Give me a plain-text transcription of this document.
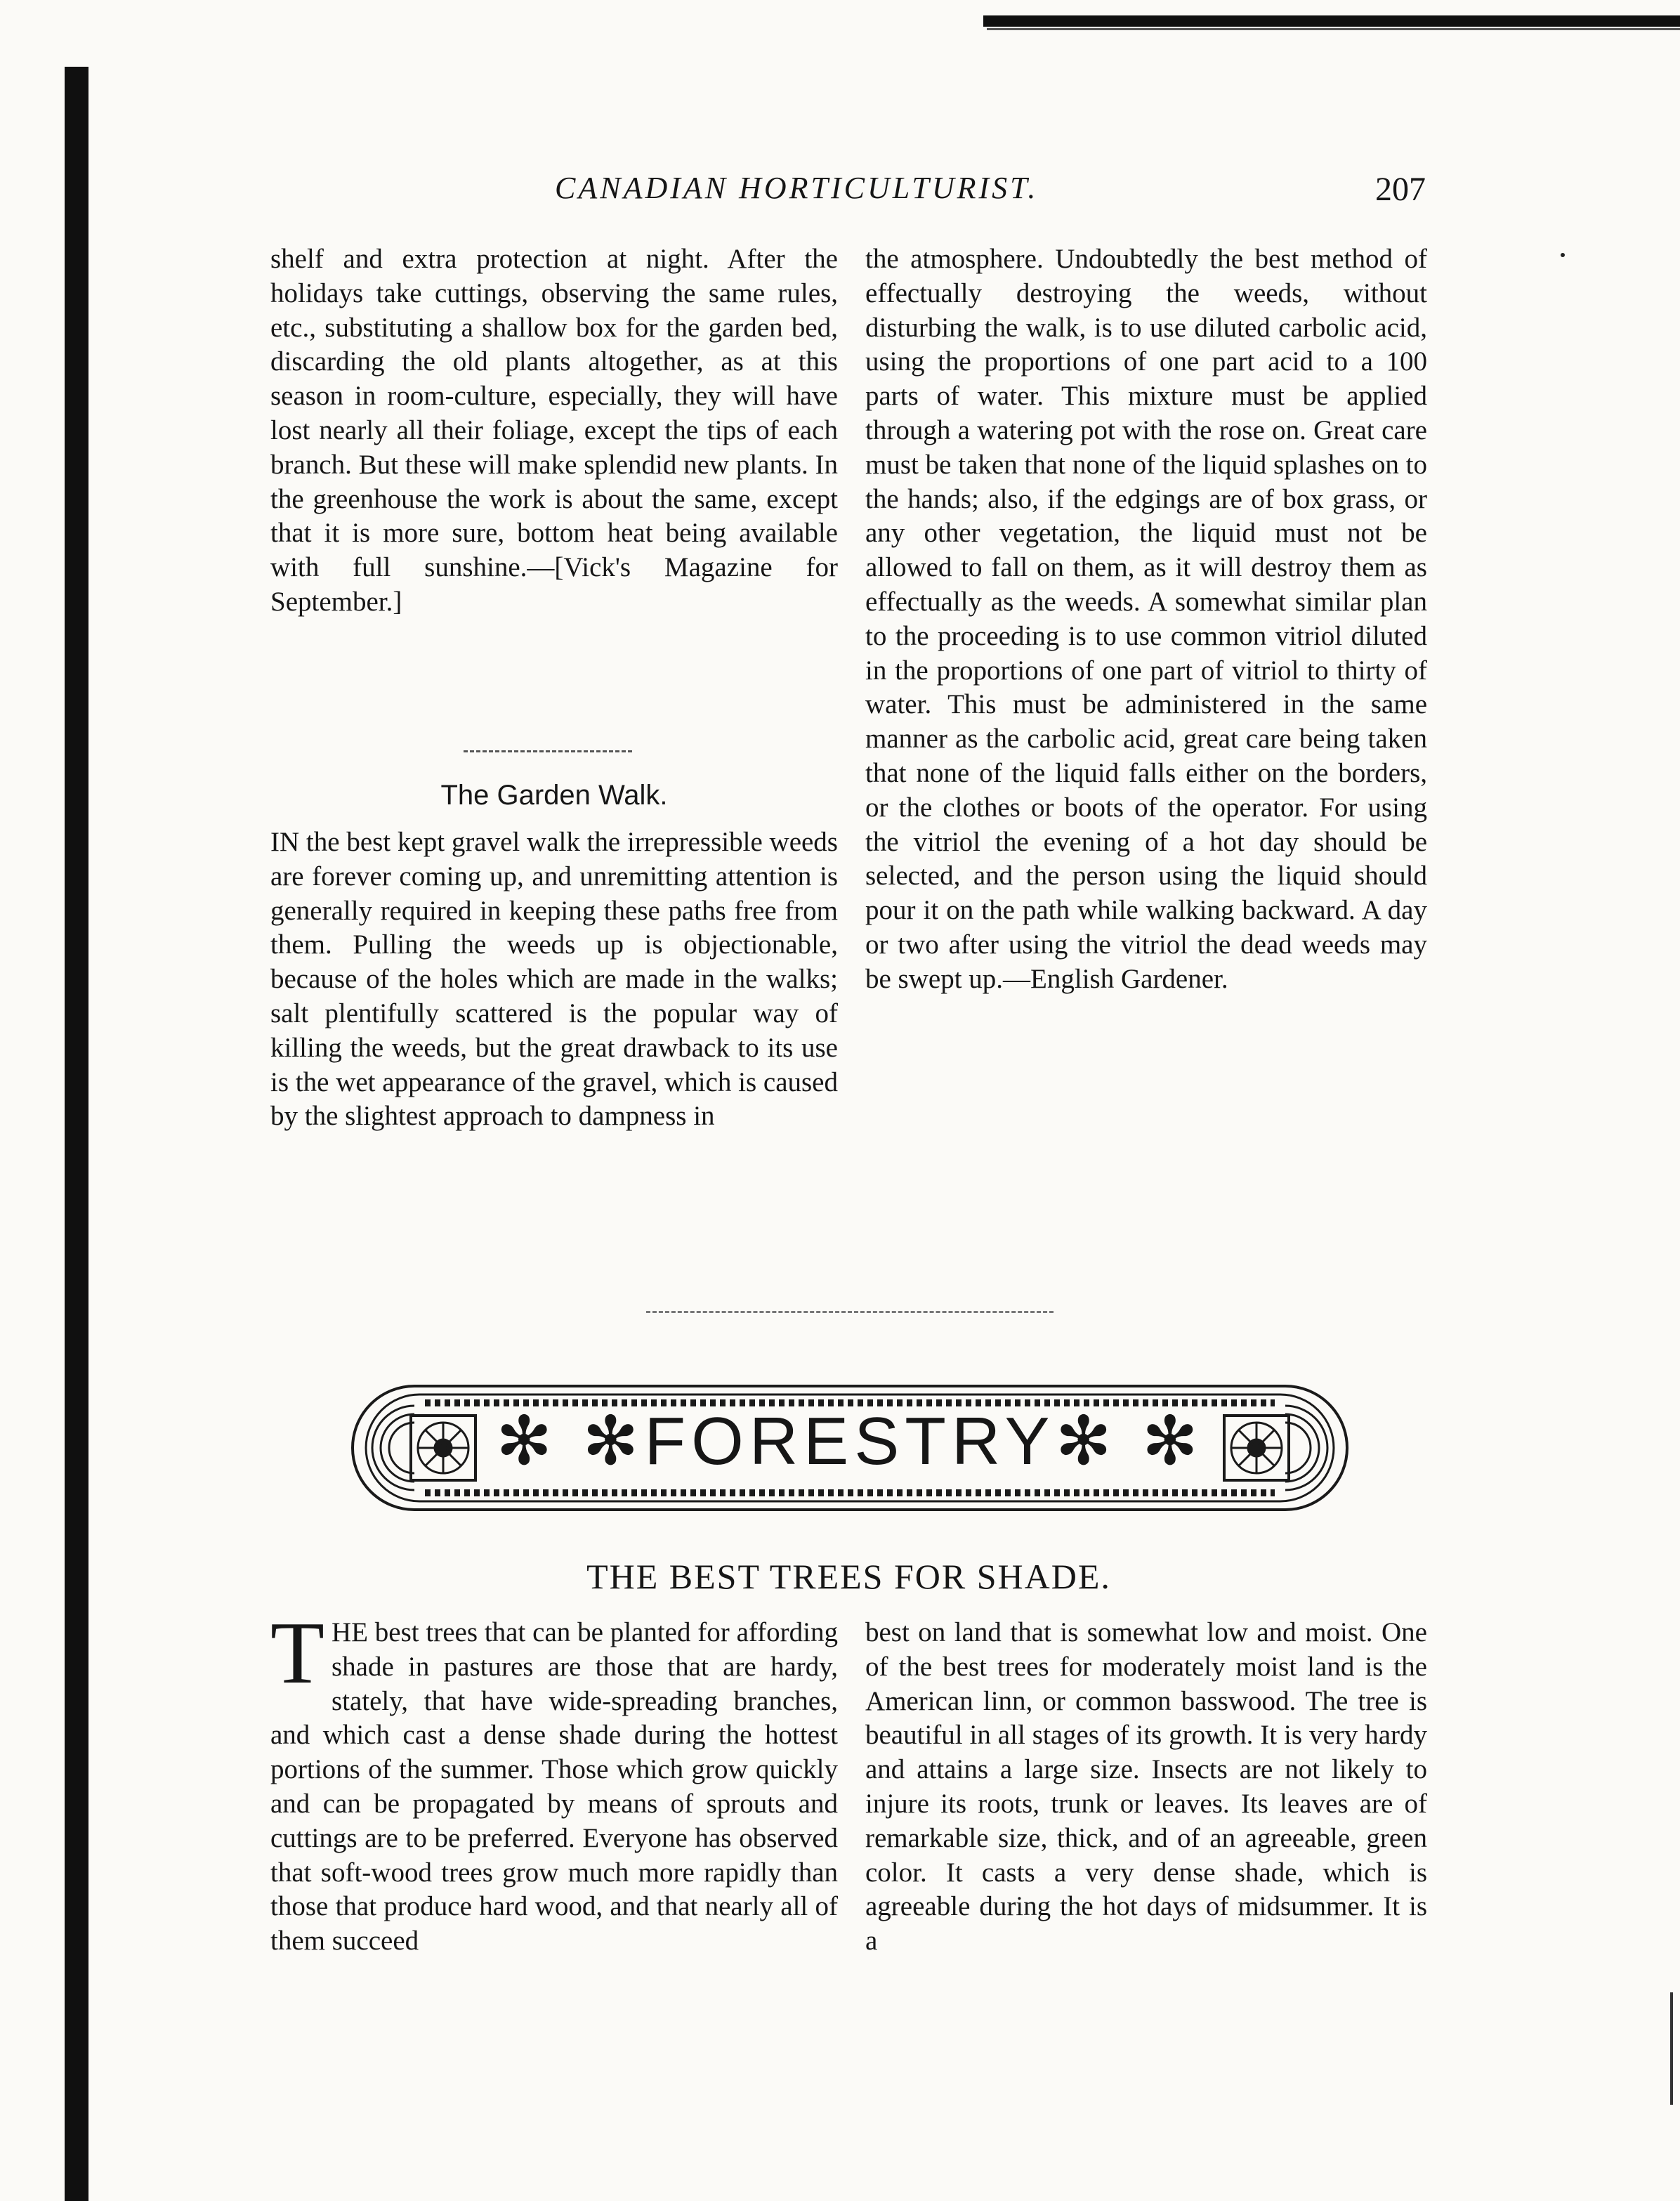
CANADIAN HORTICULTURIST.	207

shelf and extra protection at night. After the holidays take cuttings, observing the same rules, etc., substituting a shallow box for the garden bed, discarding the old plants altogether, as at this season in room-culture, especially, they will have lost nearly all their foliage, except the tips of each branch. But these will make splendid new plants. In the greenhouse the work is about the same, except that it is more sure, bottom heat being available with full sunshine.—[Vick's Magazine for September.]

The Garden Walk.

IN the best kept gravel walk the irrepressible weeds are forever coming up, and unremitting attention is generally required in keeping these paths free from them. Pulling the weeds up is objectionable, because of the holes which are made in the walks; salt plentifully scattered is the popular way of killing the weeds, but the great drawback to its use is the wet appearance of the gravel, which is caused by the slightest approach to dampness in

the atmosphere. Undoubtedly the best method of effectually destroying the weeds, without disturbing the walk, is to use diluted carbolic acid, using the proportions of one part acid to a 100 parts of water. This mixture must be applied through a watering pot with the rose on. Great care must be taken that none of the liquid splashes on to the hands; also, if the edgings are of box grass, or any other vegetation, the liquid must not be allowed to fall on them, as it will destroy them as effectually as the weeds. A somewhat similar plan to the proceeding is to use common vitriol diluted in the proportions of one part of vitriol to thirty of water. This must be administered in the same manner as the carbolic acid, great care being taken that none of the liquid falls either on the borders, or the clothes or boots of the operator. For using the vitriol the evening of a hot day should be selected, and the person using the liquid should pour it on the path while walking backward. A day or two after using the vitriol the dead weeds may be swept up.—English Gardener.

✻ ✻FORESTRY✻ ✻
THE BEST TREES FOR SHADE.

THE best trees that can be planted for affording shade in pastures are those that are hardy, stately, that have wide-spreading branches, and which cast a dense shade during the hottest portions of the summer. Those which grow quickly and can be propagated by means of sprouts and cuttings are to be preferred. Everyone has observed that soft-wood trees grow much more rapidly than those that produce hard wood, and that nearly all of them succeed

best on land that is somewhat low and moist. One of the best trees for moderately moist land is the American linn, or common basswood. The tree is beautiful in all stages of its growth. It is very hardy and attains a large size. Insects are not likely to injure its roots, trunk or leaves. Its leaves are of remarkable size, thick, and of an agreeable, green color. It casts a very dense shade, which is agreeable during the hot days of midsummer. It is a
